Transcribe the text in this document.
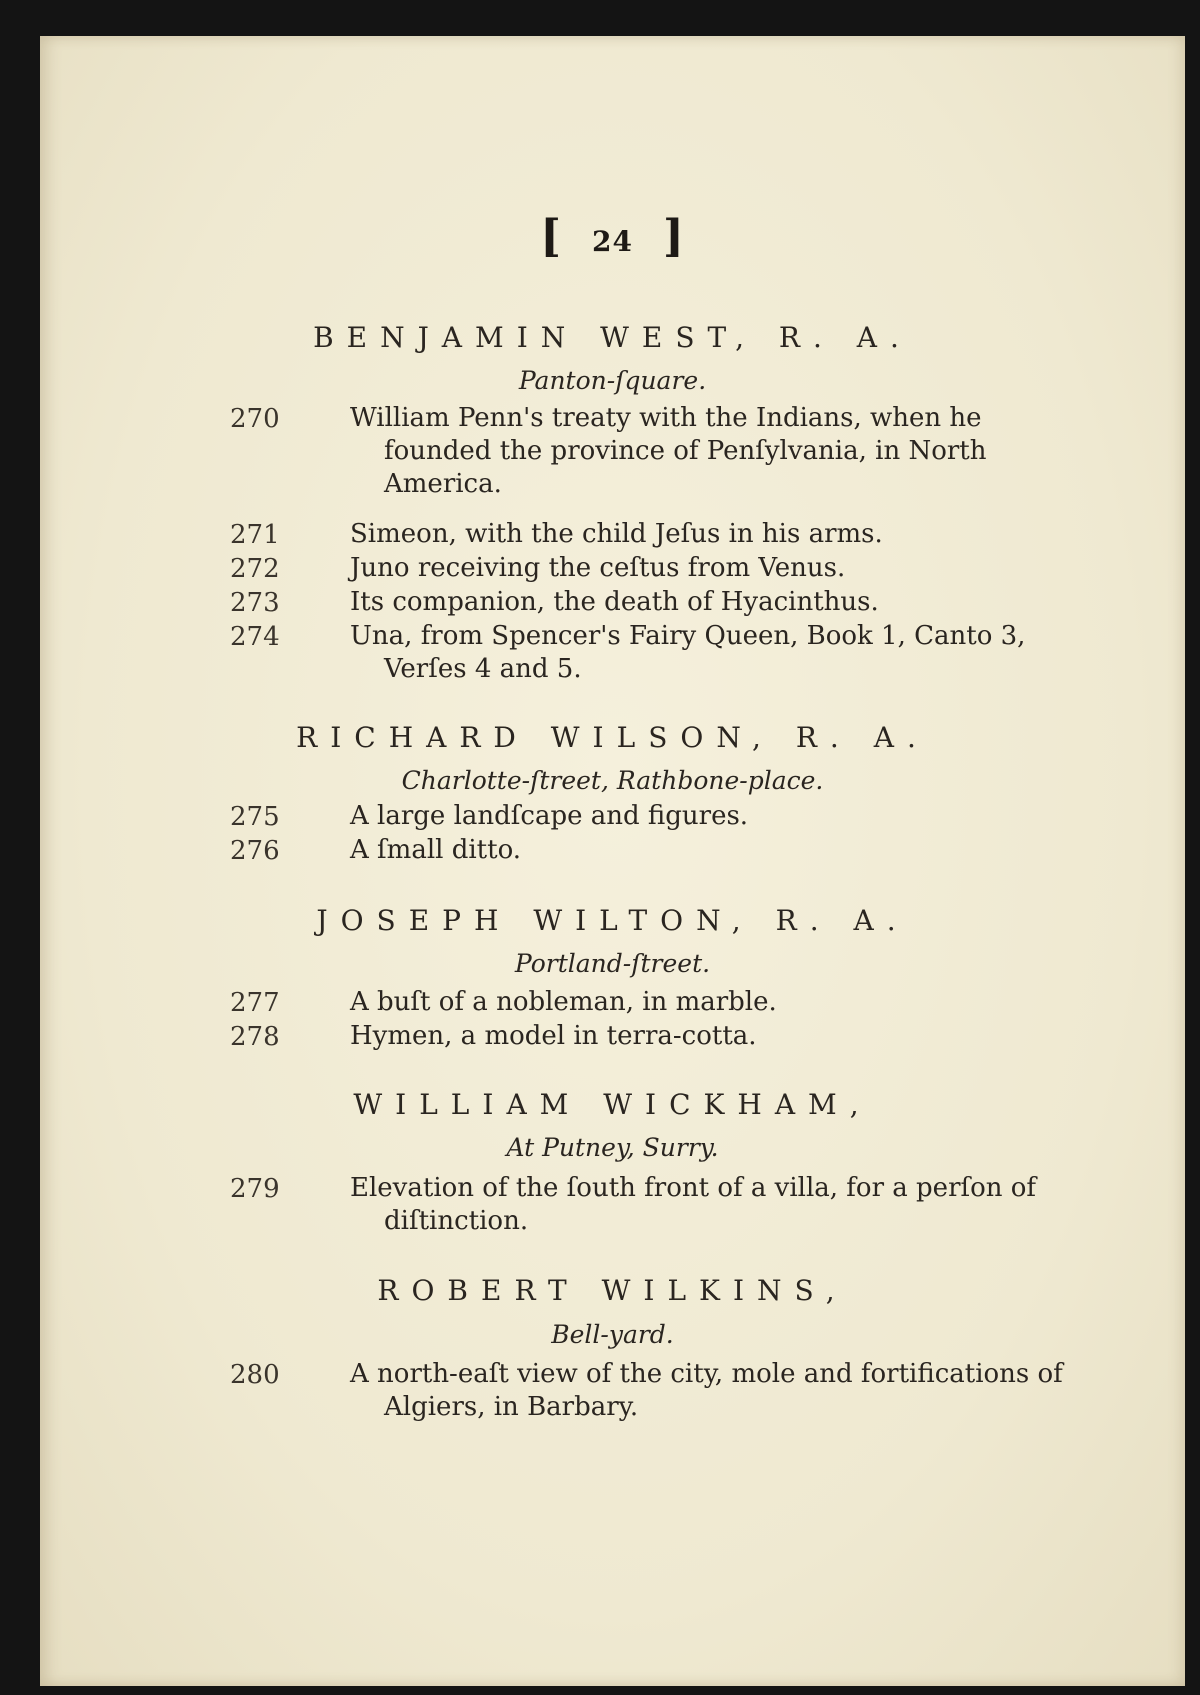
[ 24 ]
BENJAMIN WEST, R. A.
Panton-ſquare.
270	William Penn's treaty with the Indians, when he
founded the province of Penſylvania, in North
America.
271	Simeon, with the child Jeſus in his arms.
272	Juno receiving the ceſtus from Venus.
273	Its companion, the death of Hyacinthus.
274	Una, from Spencer's Fairy Queen, Book 1, Canto 3,
Verſes 4 and 5.
RICHARD WILSON, R. A.
Charlotte-ſtreet, Rathbone-place.
275	A large landſcape and figures.
276	A ſmall ditto.
JOSEPH WILTON, R. A.
Portland-ſtreet.
277	A buſt of a nobleman, in marble.
278	Hymen, a model in terra-cotta.
WILLIAM WICKHAM,
At Putney, Surry.
279	Elevation of the ſouth front of a villa, for a perſon of
diſtinction.
ROBERT WILKINS,
Bell-yard.
280	A north-eaſt view of the city, mole and fortifications of
Algiers, in Barbary.
